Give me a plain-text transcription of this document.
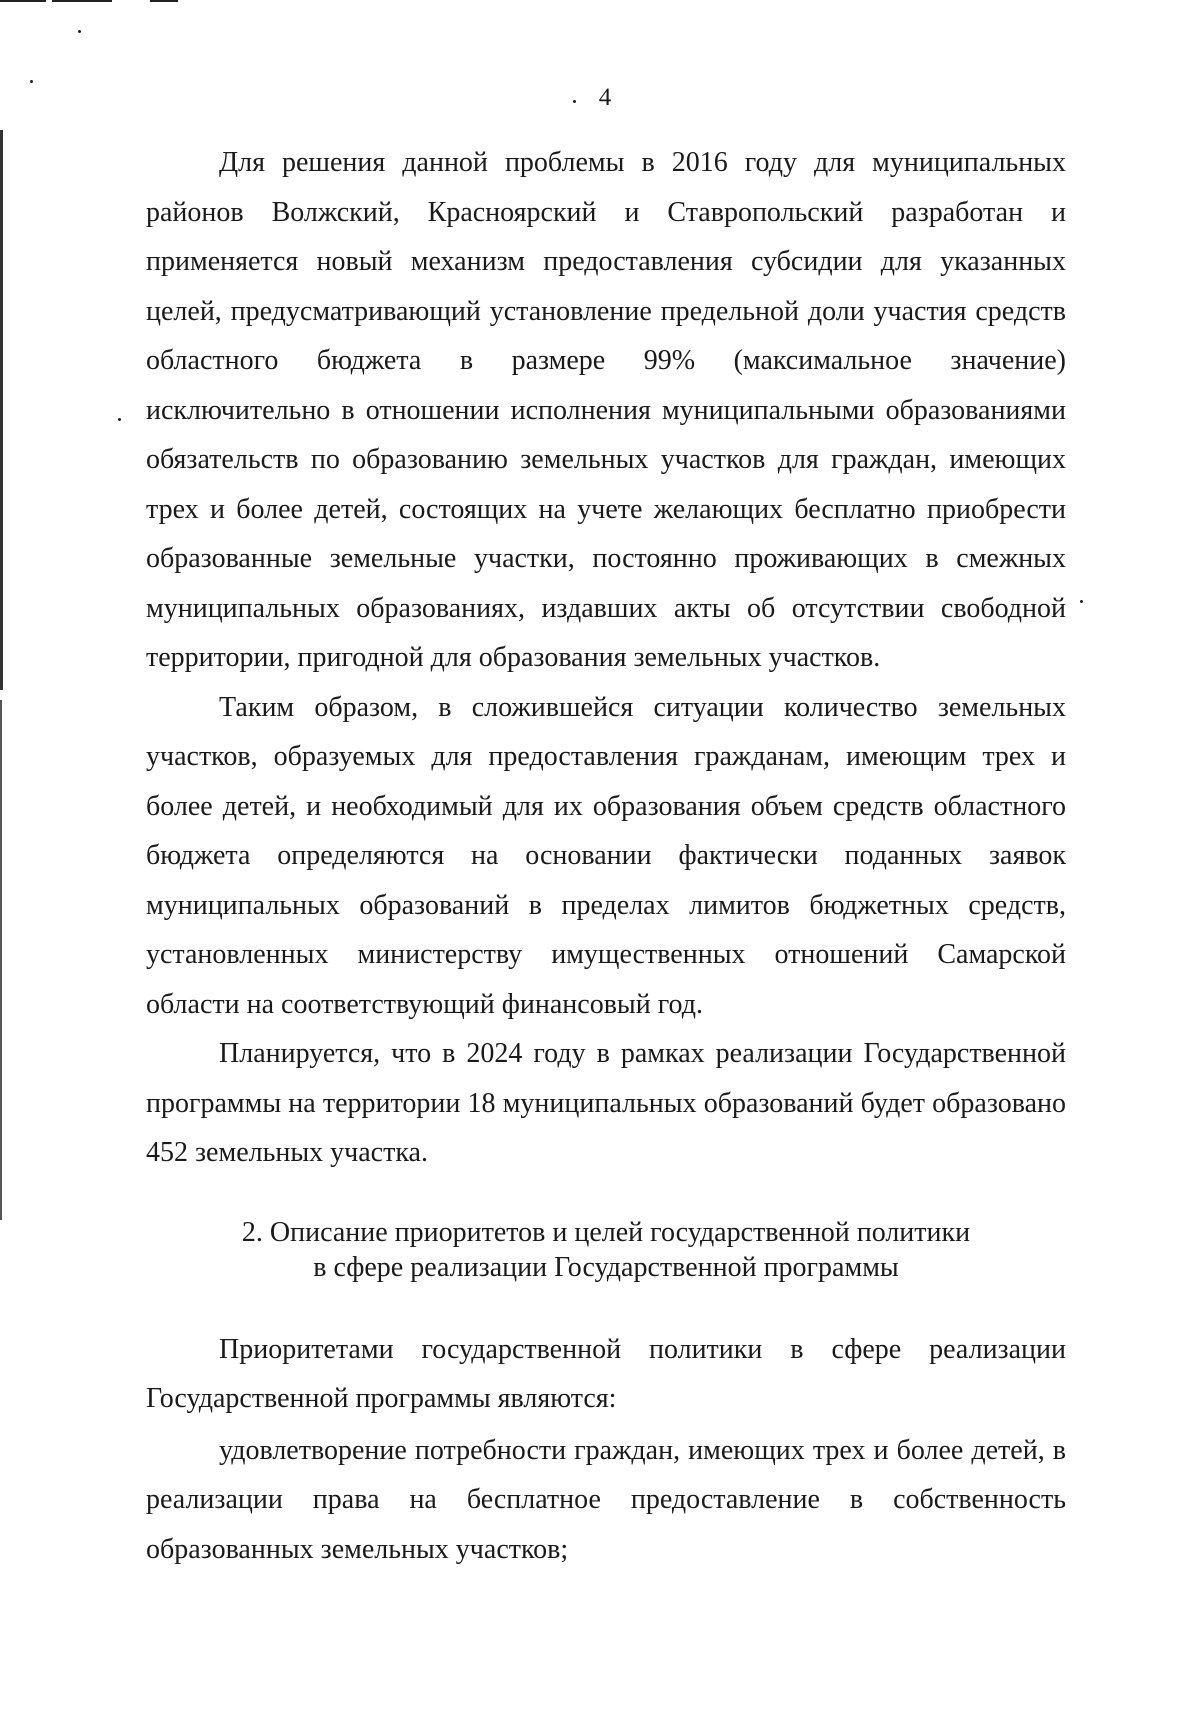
4

Для решения данной проблемы в 2016 году для муниципальных районов Волжский, Красноярский и Ставропольский разработан и применяется новый механизм предоставления субсидии для указанных целей, предусматривающий установление предельной доли участия средств областного бюджета в размере 99% (максимальное значение) исключительно в отношении исполнения муниципальными образованиями обязательств по образованию земельных участков для граждан, имеющих трех и более детей, состоящих на учете желающих бесплатно приобрести образованные земельные участки, постоянно проживающих в смежных муниципальных образованиях, издавших акты об отсутствии свободной территории, пригодной для образования земельных участков.

Таким образом, в сложившейся ситуации количество земельных участков, образуемых для предоставления гражданам, имеющим трех и более детей, и необходимый для их образования объем средств областного бюджета определяются на основании фактически поданных заявок муниципальных образований в пределах лимитов бюджетных средств, установленных министерству имущественных отношений Самарской области на соответствующий финансовый год.

Планируется, что в 2024 году в рамках реализации Государственной программы на территории 18 муниципальных образований будет образовано 452 земельных участка.

2. Описание приоритетов и целей государственной политики
в сфере реализации Государственной программы

Приоритетами государственной политики в сфере реализации Государственной программы являются:

удовлетворение потребности граждан, имеющих трех и более детей, в реализации права на бесплатное предоставление в собственность образованных земельных участков;
